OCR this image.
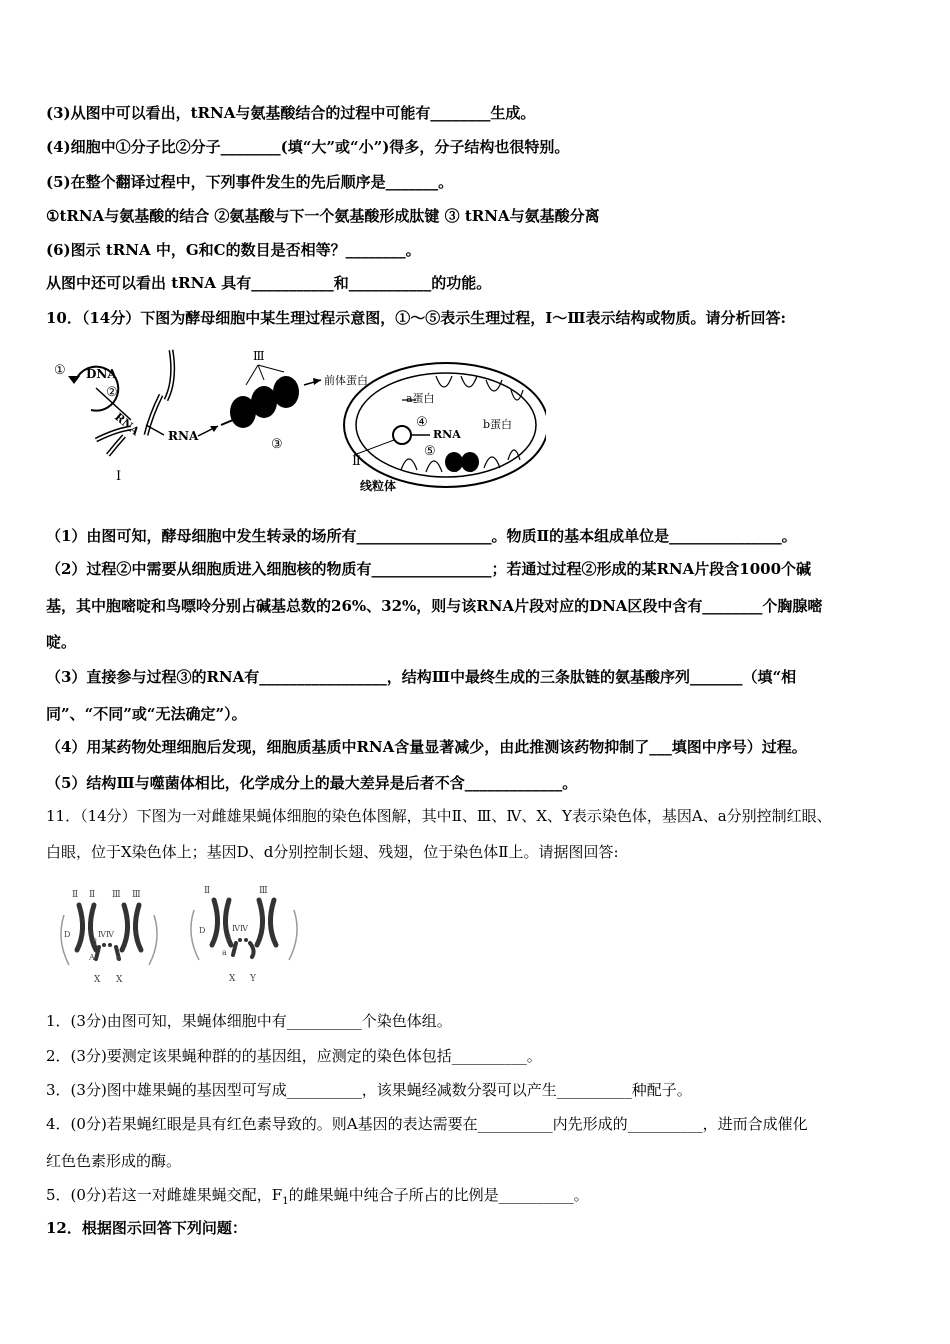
(3)从图中可以看出，tRNA与氨基酸结合的过程中可能有________生成。
(4)细胞中①分子比②分子________(填“大”或“小”)得多，分子结构也很特别。
(5)在整个翻译过程中，下列事件发生的先后顺序是_______。
①tRNA与氨基酸的结合 ②氨基酸与下一个氨基酸形成肽键 ③ tRNA与氨基酸分离
(6)图示 tRNA 中，G和C的数目是否相等？________。
从图中还可以看出 tRNA 具有___________和___________的功能。
10．（14分）下图为酵母细胞中某生理过程示意图，①～⑤表示生理过程，Ⅰ～Ⅲ表示结构或物质。请分析回答:
① DNA
②
RNA
I
RNA
Ⅲ
③
前体蛋白
a蛋白
④
RNA
b蛋白
⑤
Ⅱ
线粒体
（1）由图可知，酵母细胞中发生转录的场所有__________________。物质Ⅱ的基本组成单位是_______________。
（2）过程②中需要从细胞质进入细胞核的物质有________________；若通过过程②形成的某RNA片段含1000个碱
基，其中胞嘧啶和鸟嘌呤分别占碱基总数的26%、32%，则与该RNA片段对应的DNA区段中含有________个胸腺嘧
啶。
（3）直接参与过程③的RNA有_________________，结构Ⅲ中最终生成的三条肽链的氨基酸序列_______（填“相
同”、“不同”或“无法确定”）。
（4）用某药物处理细胞后发现，细胞质基质中RNA含量显著减少，由此推测该药物抑制了___填图中序号）过程。
（5）结构Ⅲ与噬菌体相比，化学成分上的最大差异是后者不含_____________。
11．（14分）下图为一对雌雄果蝇体细胞的染色体图解，其中Ⅱ、Ⅲ、Ⅳ、X、Y表示染色体，基因A、a分别控制红眼、
白眼，位于X染色体上；基因D、d分别控制长翅、残翅，位于染色体Ⅱ上。请据图回答:
Ⅱ Ⅱ Ⅲ Ⅲ
ⅣⅣ
D
d
A	a
X X
Ⅱ	Ⅲ
ⅣⅣ
D
d
a
X Y
1．(3分)由图可知，果蝇体细胞中有__________个染色体组。
2．(3分)要测定该果蝇种群的的基因组，应测定的染色体包括__________。
3．(3分)图中雄果蝇的基因型可写成__________，该果蝇经减数分裂可以产生__________种配子。
4．(0分)若果蝇红眼是具有红色素导致的。则A基因的表达需要在__________内先形成的__________，进而合成催化
红色色素形成的酶。
5．(0分)若这一对雌雄果蝇交配，$F_1$的雌果蝇中纯合子所占的比例是__________。
12．根据图示回答下列问题：
